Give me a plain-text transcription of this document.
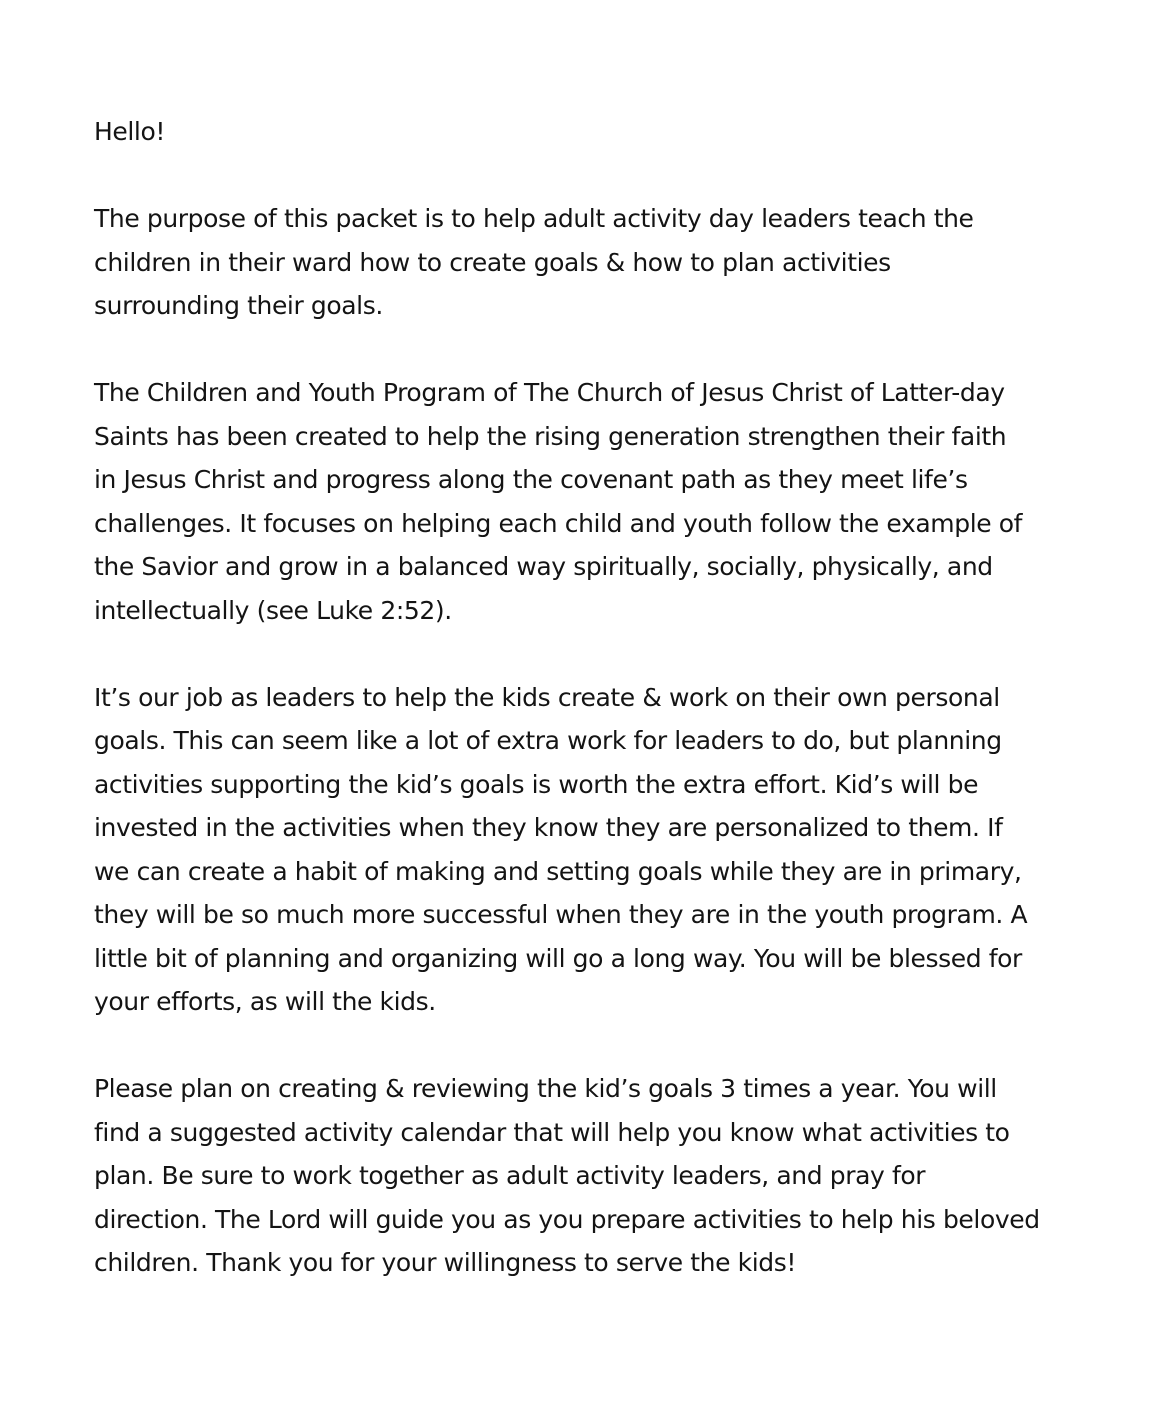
Hello!
The purpose of this packet is to help adult activity day leaders teach the
children in their ward how to create goals & how to plan activities
surrounding their goals.
The Children and Youth Program of The Church of Jesus Christ of Latter-day
Saints has been created to help the rising generation strengthen their faith
in Jesus Christ and progress along the covenant path as they meet life’s
challenges. It focuses on helping each child and youth follow the example of
the Savior and grow in a balanced way spiritually, socially, physically, and
intellectually (see Luke 2:52).
It’s our job as leaders to help the kids create & work on their own personal
goals. This can seem like a lot of extra work for leaders to do, but planning
activities supporting the kid’s goals is worth the extra effort. Kid’s will be
invested in the activities when they know they are personalized to them. If
we can create a habit of making and setting goals while they are in primary,
they will be so much more successful when they are in the youth program. A
little bit of planning and organizing will go a long way. You will be blessed for
your efforts, as will the kids.
Please plan on creating & reviewing the kid’s goals 3 times a year. You will
find a suggested activity calendar that will help you know what activities to
plan. Be sure to work together as adult activity leaders, and pray for
direction. The Lord will guide you as you prepare activities to help his beloved
children. Thank you for your willingness to serve the kids!
